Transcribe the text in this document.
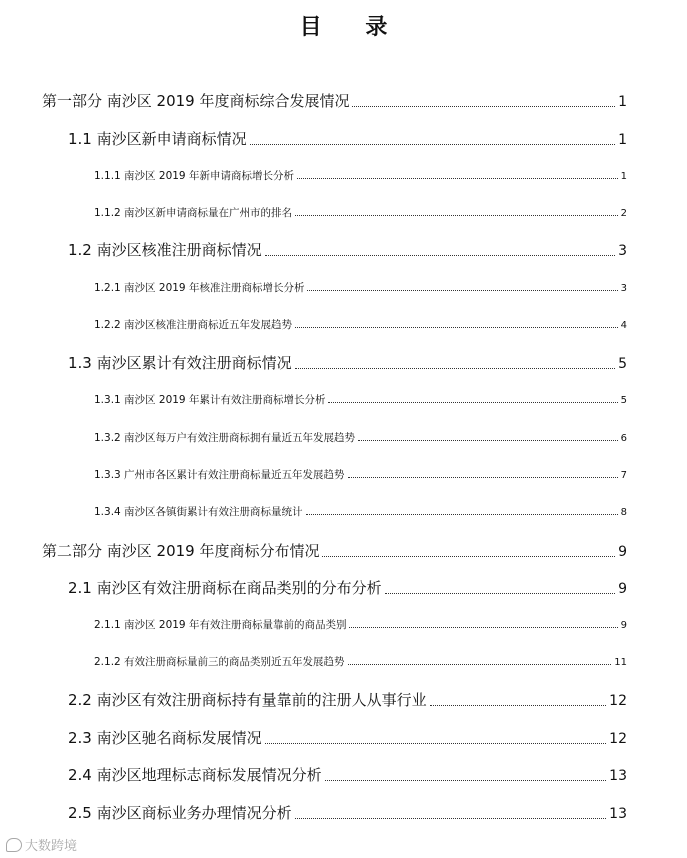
目 录
第一部分 南沙区 2019 年度商标综合发展情况	1
1.1 南沙区新申请商标情况	1
1.1.1 南沙区 2019 年新申请商标增长分析	1
1.1.2 南沙区新申请商标量在广州市的排名	2
1.2 南沙区核准注册商标情况	3
1.2.1 南沙区 2019 年核准注册商标增长分析	3
1.2.2 南沙区核准注册商标近五年发展趋势	4
1.3 南沙区累计有效注册商标情况	5
1.3.1 南沙区 2019 年累计有效注册商标增长分析	5
1.3.2 南沙区每万户有效注册商标拥有量近五年发展趋势	6
1.3.3 广州市各区累计有效注册商标量近五年发展趋势	7
1.3.4 南沙区各镇街累计有效注册商标量统计	8
第二部分 南沙区 2019 年度商标分布情况	9
2.1 南沙区有效注册商标在商品类别的分布分析	9
2.1.1 南沙区 2019 年有效注册商标量靠前的商品类别	9
2.1.2 有效注册商标量前三的商品类别近五年发展趋势	11
2.2 南沙区有效注册商标持有量靠前的注册人从事行业	12
2.3 南沙区驰名商标发展情况	12
2.4 南沙区地理标志商标发展情况分析	13
2.5 南沙区商标业务办理情况分析	13
大数跨境
